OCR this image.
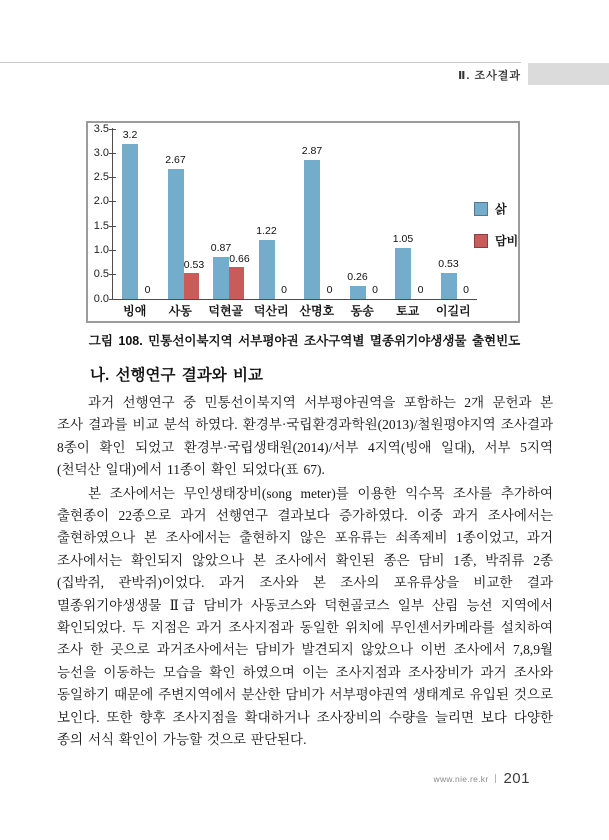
Ⅱ. 조사결과
0.0
0.5
1.0
1.5
2.0
2.5
3.0
3.5
빙애
3.2
0
사동
2.67
0.53
덕현골
0.87
0.66
덕산리
1.22
0
산명호
2.87
0
동송
0.26
0
토교
1.05
0
이길리
0.53
0
삵
담비
그림 108. 민통선이북지역 서부평야권 조사구역별 멸종위기야생생물 출현빈도
나. 선행연구 결과와 비교

과거 선행연구 중 민통선이북지역 서부평야권역을 포함하는 2개 문헌과 본 조사 결과를 비교 분석 하였다. 환경부·국립환경과학원(2013)/철원평야지역 조사결과 8종이 확인 되었고 환경부·국립생태원(2014)/서부 4지역(빙애 일대), 서부 5지역(천덕산 일대)에서 11종이 확인 되었다(표 67).

본 조사에서는 무인생태장비(song meter)를 이용한 익수목 조사를 추가하여 출현종이 22종으로 과거 선행연구 결과보다 증가하였다. 이중 과거 조사에서는 출현하였으나 본 조사에서는 출현하지 않은 포유류는 쇠족제비 1종이었고, 과거 조사에서는 확인되지 않았으나 본 조사에서 확인된 종은 담비 1종, 박쥐류 2종(집박쥐, 관박쥐)이었다. 과거 조사와 본 조사의 포유류상을 비교한 결과 멸종위기야생생물 Ⅱ급 담비가 사동코스와 덕현골코스 일부 산림 능선 지역에서 확인되었다. 두 지점은 과거 조사지점과 동일한 위치에 무인센서카메라를 설치하여 조사 한 곳으로 과거조사에서는 담비가 발견되지 않았으나 이번 조사에서 7,8,9월 능선을 이동하는 모습을 확인 하였으며 이는 조사지점과 조사장비가 과거 조사와 동일하기 때문에 주변지역에서 분산한 담비가 서부평야권역 생태계로 유입된 것으로 보인다. 또한 향후 조사지점을 확대하거나 조사장비의 수량을 늘리면 보다 다양한 종의 서식 확인이 가능할 것으로 판단된다.

www.nie.re.kr 201
